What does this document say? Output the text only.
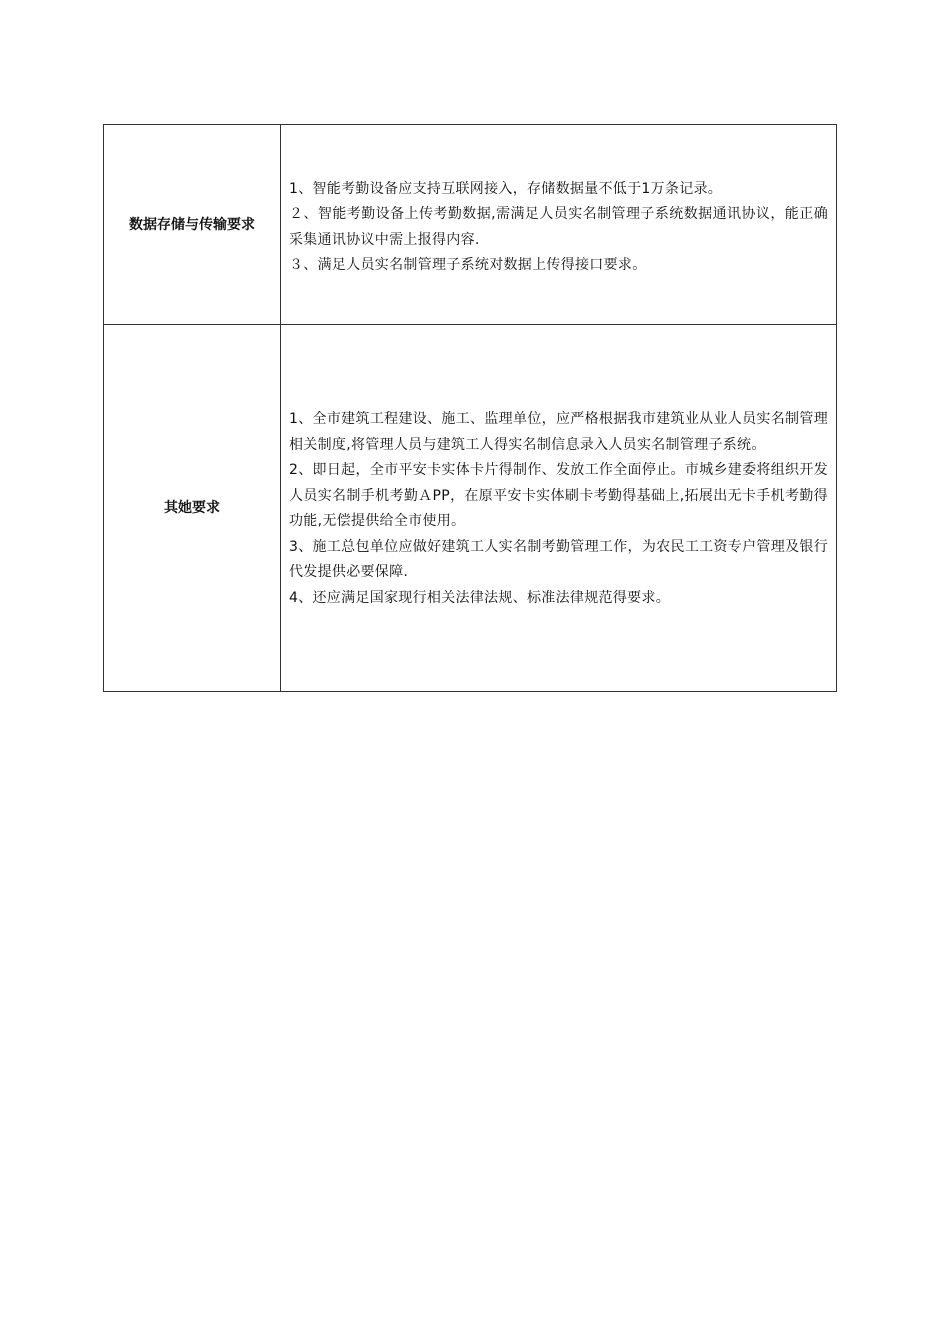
数据存储与传输要求	1、智能考勤设备应支持互联网接入，存储数据量不低于1万条记录。

２、智能考勤设备上传考勤数据,需满足人员实名制管理子系统数据通讯协议，能正确采集通讯协议中需上报得内容.

３、满足人员实名制管理子系统对数据上传得接口要求。

其她要求	1、全市建筑工程建设、施工、监理单位，应严格根据我市建筑业从业人员实名制管理相关制度,将管理人员与建筑工人得实名制信息录入人员实名制管理子系统。

2、即日起，全市平安卡实体卡片得制作、发放工作全面停止。市城乡建委将组织开发人员实名制手机考勤ＡPP，在原平安卡实体刷卡考勤得基础上,拓展出无卡手机考勤得功能,无偿提供给全市使用。

3、施工总包单位应做好建筑工人实名制考勤管理工作，为农民工工资专户管理及银行代发提供必要保障.

4、还应满足国家现行相关法律法规、标准法律规范得要求。
